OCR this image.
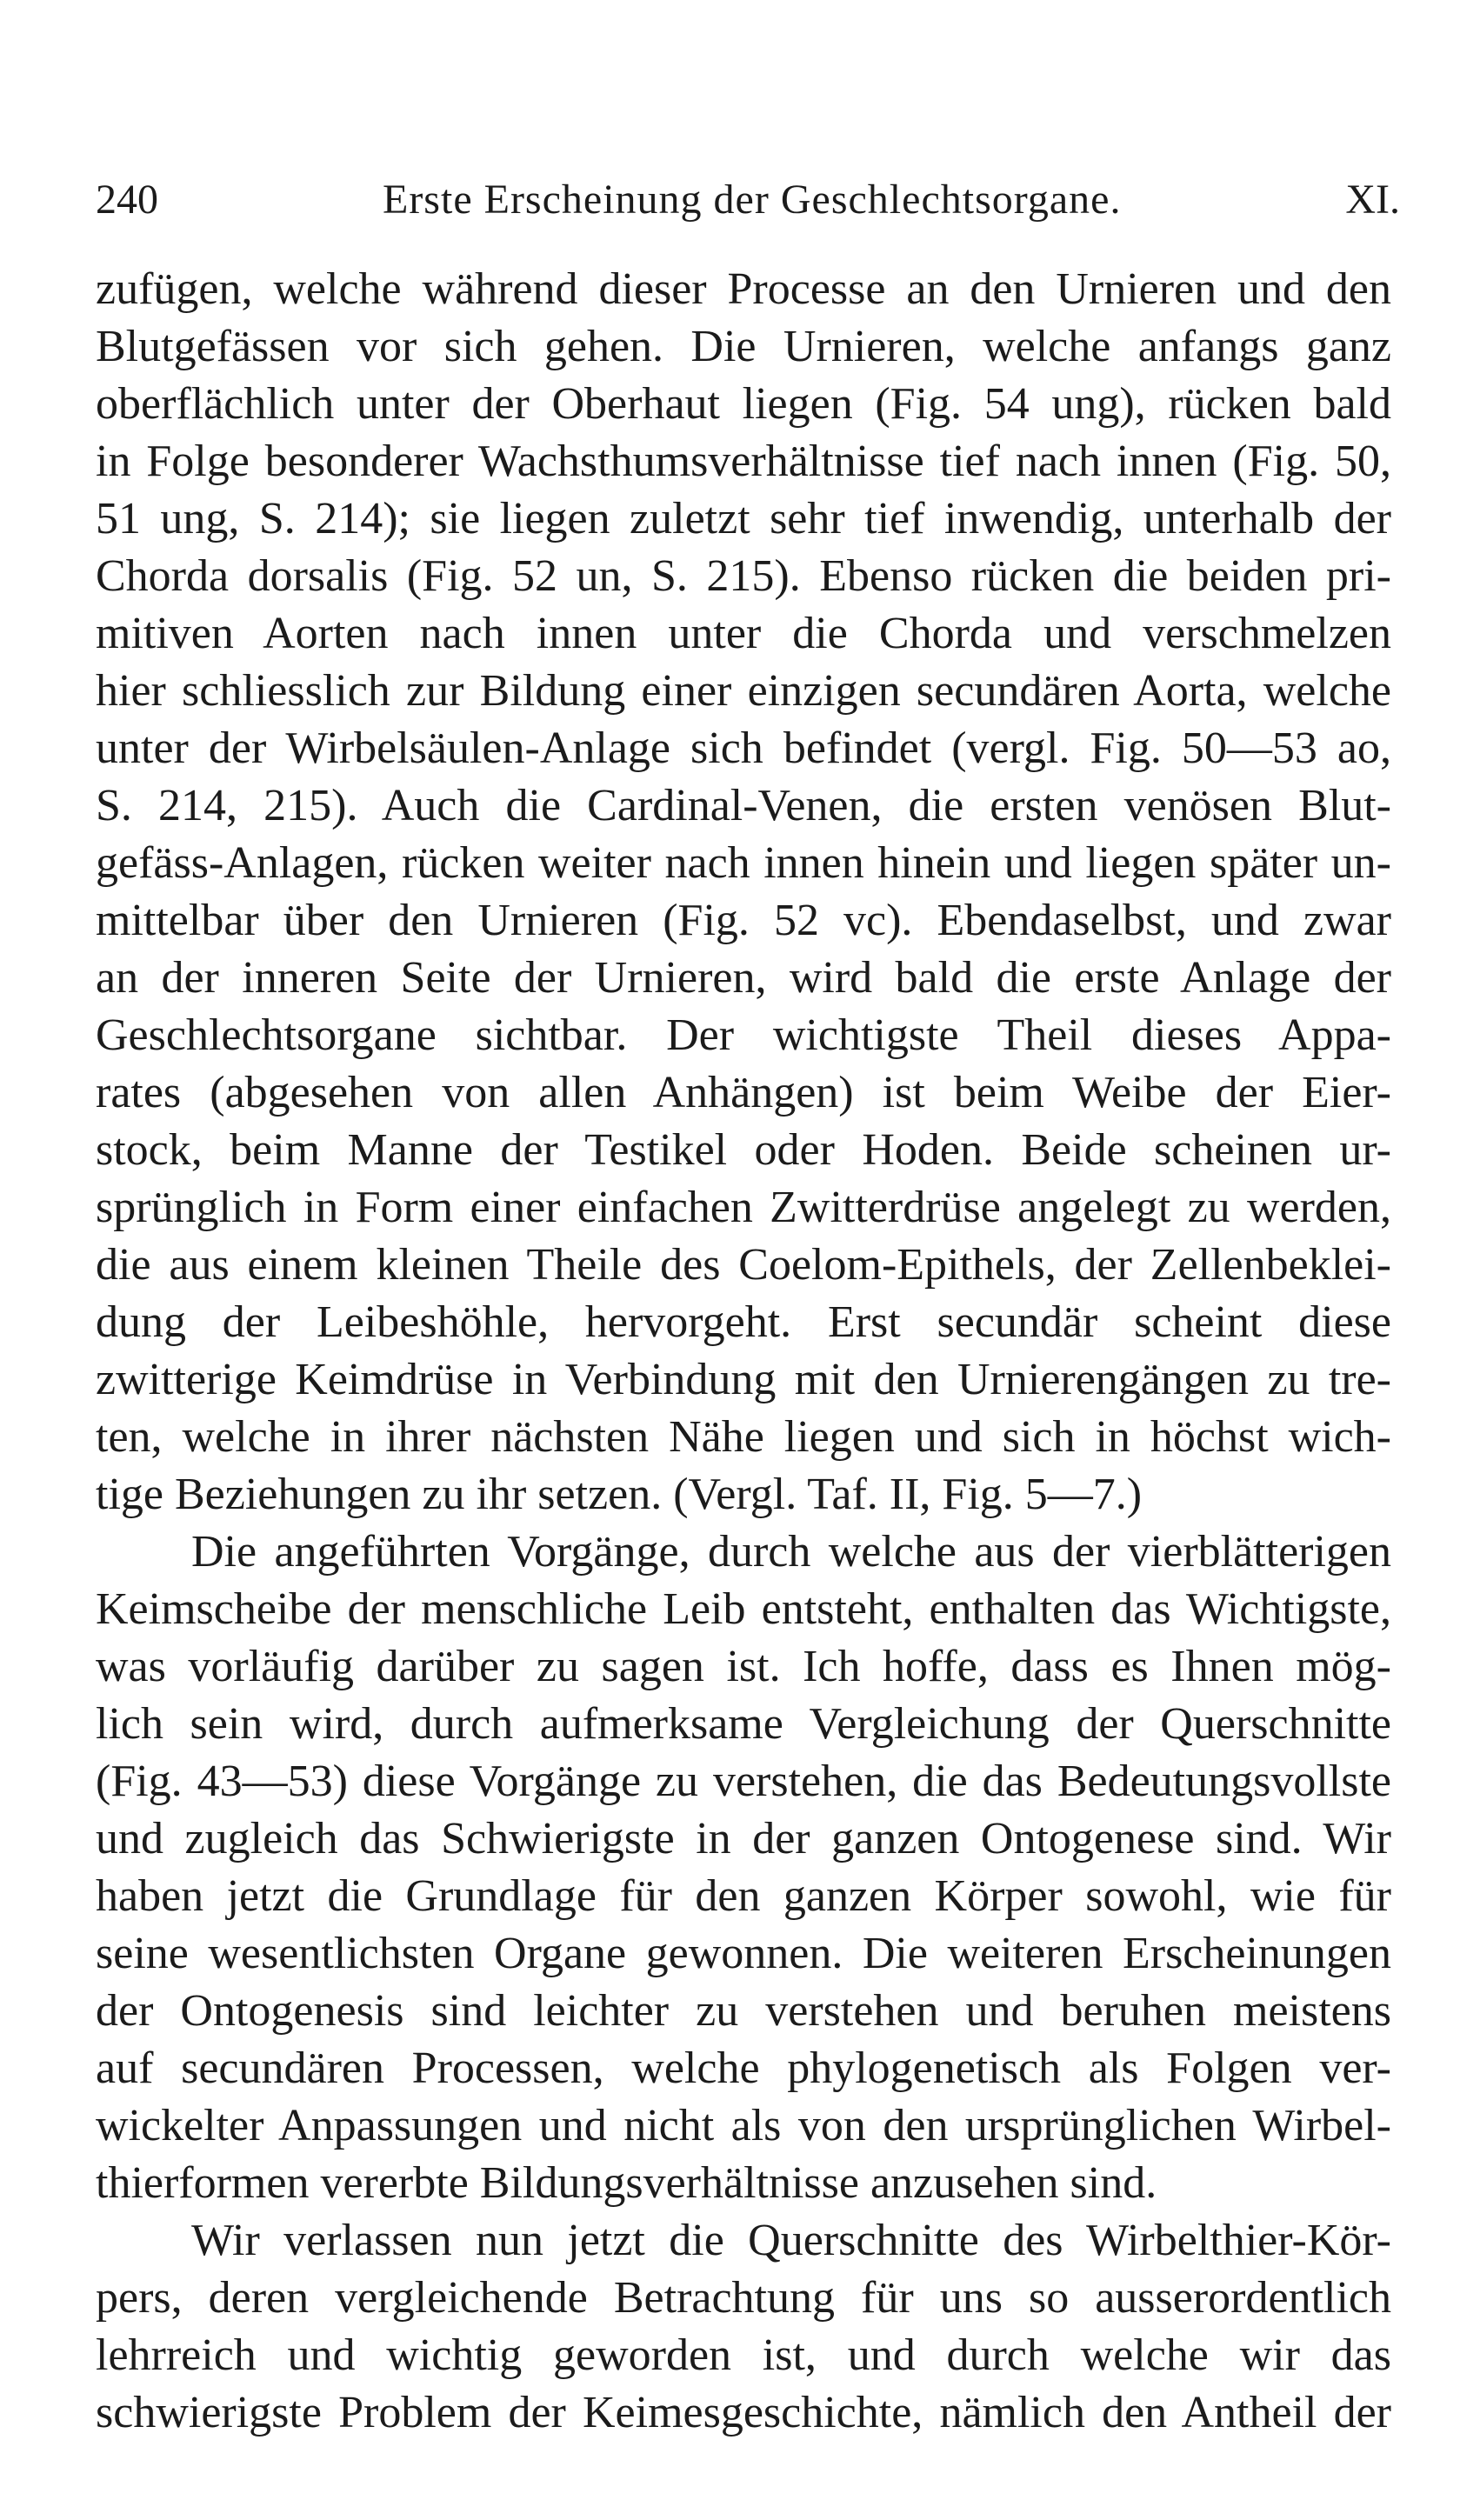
240	Erste Erscheinung der Geschlechtsorgane.	XI.
zufügen, welche während dieser Processe an den Urnieren und den
Blutgefässen vor sich gehen. Die Urnieren, welche anfangs ganz
oberflächlich unter der Oberhaut liegen (Fig. 54 ung), rücken bald
in Folge besonderer Wachsthumsverhältnisse tief nach innen (Fig. 50,
51 ung, S. 214); sie liegen zuletzt sehr tief inwendig, unterhalb der
Chorda dorsalis (Fig. 52 un, S. 215). Ebenso rücken die beiden pri-
mitiven Aorten nach innen unter die Chorda und verschmelzen
hier schliesslich zur Bildung einer einzigen secundären Aorta, welche
unter der Wirbelsäulen-Anlage sich befindet (vergl. Fig. 50—53 ao,
S. 214, 215). Auch die Cardinal-Venen, die ersten venösen Blut-
gefäss-Anlagen, rücken weiter nach innen hinein und liegen später un-
mittelbar über den Urnieren (Fig. 52 vc). Ebendaselbst, und zwar
an der inneren Seite der Urnieren, wird bald die erste Anlage der
Geschlechtsorgane sichtbar. Der wichtigste Theil dieses Appa-
rates (abgesehen von allen Anhängen) ist beim Weibe der Eier-
stock, beim Manne der Testikel oder Hoden. Beide scheinen ur-
sprünglich in Form einer einfachen Zwitterdrüse angelegt zu werden,
die aus einem kleinen Theile des Coelom-Epithels, der Zellenbeklei-
dung der Leibeshöhle, hervorgeht. Erst secundär scheint diese
zwitterige Keimdrüse in Verbindung mit den Urnierengängen zu tre-
ten, welche in ihrer nächsten Nähe liegen und sich in höchst wich-
tige Beziehungen zu ihr setzen. (Vergl. Taf. II, Fig. 5—7.)
Die angeführten Vorgänge, durch welche aus der vierblätterigen
Keimscheibe der menschliche Leib entsteht, enthalten das Wichtigste,
was vorläufig darüber zu sagen ist. Ich hoffe, dass es Ihnen mög-
lich sein wird, durch aufmerksame Vergleichung der Querschnitte
(Fig. 43—53) diese Vorgänge zu verstehen, die das Bedeutungsvollste
und zugleich das Schwierigste in der ganzen Ontogenese sind. Wir
haben jetzt die Grundlage für den ganzen Körper sowohl, wie für
seine wesentlichsten Organe gewonnen. Die weiteren Erscheinungen
der Ontogenesis sind leichter zu verstehen und beruhen meistens
auf secundären Processen, welche phylogenetisch als Folgen ver-
wickelter Anpassungen und nicht als von den ursprünglichen Wirbel-
thierformen vererbte Bildungsverhältnisse anzusehen sind.
Wir verlassen nun jetzt die Querschnitte des Wirbelthier-Kör-
pers, deren vergleichende Betrachtung für uns so ausserordentlich
lehrreich und wichtig geworden ist, und durch welche wir das
schwierigste Problem der Keimesgeschichte, nämlich den Antheil der
